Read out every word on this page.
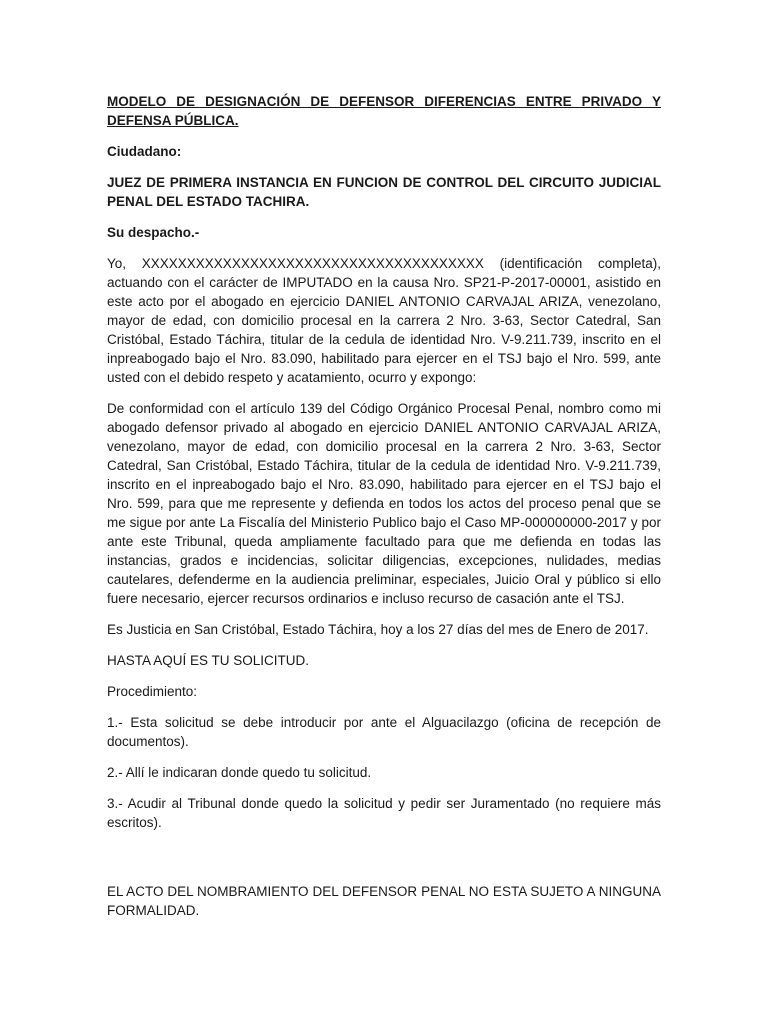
MODELO DE DESIGNACIÓN DE DEFENSOR DIFERENCIAS ENTRE PRIVADO Y DEFENSA PÚBLICA.
Ciudadano:
JUEZ DE PRIMERA INSTANCIA EN FUNCION DE CONTROL DEL CIRCUITO JUDICIAL PENAL DEL ESTADO TACHIRA.
Su despacho.-
Yo, XXXXXXXXXXXXXXXXXXXXXXXXXXXXXXXXXXXXXX (identificación completa), actuando con el carácter de IMPUTADO en la causa Nro. SP21-P-2017-00001, asistido en este acto por el abogado en ejercicio DANIEL ANTONIO CARVAJAL ARIZA, venezolano, mayor de edad, con domicilio procesal en la carrera 2 Nro. 3-63, Sector Catedral, San Cristóbal, Estado Táchira, titular de la cedula de identidad Nro. V-9.211.739, inscrito en el inpreabogado bajo el Nro. 83.090, habilitado para ejercer en el TSJ bajo el Nro. 599, ante usted con el debido respeto y acatamiento, ocurro y expongo:
De conformidad con el artículo 139 del Código Orgánico Procesal Penal, nombro como mi abogado defensor privado al abogado en ejercicio DANIEL ANTONIO CARVAJAL ARIZA, venezolano, mayor de edad, con domicilio procesal en la carrera 2 Nro. 3-63, Sector Catedral, San Cristóbal, Estado Táchira, titular de la cedula de identidad Nro. V-9.211.739, inscrito en el inpreabogado bajo el Nro. 83.090, habilitado para ejercer en el TSJ bajo el Nro. 599, para que me represente y defienda en todos los actos del proceso penal que se me sigue por ante La Fiscalía del Ministerio Publico bajo el Caso MP-000000000-2017 y por ante este Tribunal, queda ampliamente facultado para que me defienda en todas las instancias, grados e incidencias, solicitar diligencias, excepciones, nulidades, medias cautelares, defenderme en la audiencia preliminar, especiales, Juicio Oral y público si ello fuere necesario, ejercer recursos ordinarios e incluso recurso de casación ante el TSJ.
Es Justicia en San Cristóbal, Estado Táchira, hoy a los 27 días del mes de Enero de 2017.
HASTA AQUÍ ES TU SOLICITUD.
Procedimiento:
1.- Esta solicitud se debe introducir por ante el Alguacilazgo (oficina de recepción de documentos).
2.- Allí le indicaran donde quedo tu solicitud.
3.- Acudir al Tribunal donde quedo la solicitud y pedir ser Juramentado (no requiere más escritos).
EL ACTO DEL NOMBRAMIENTO DEL DEFENSOR PENAL NO ESTA SUJETO A NINGUNA FORMALIDAD.
